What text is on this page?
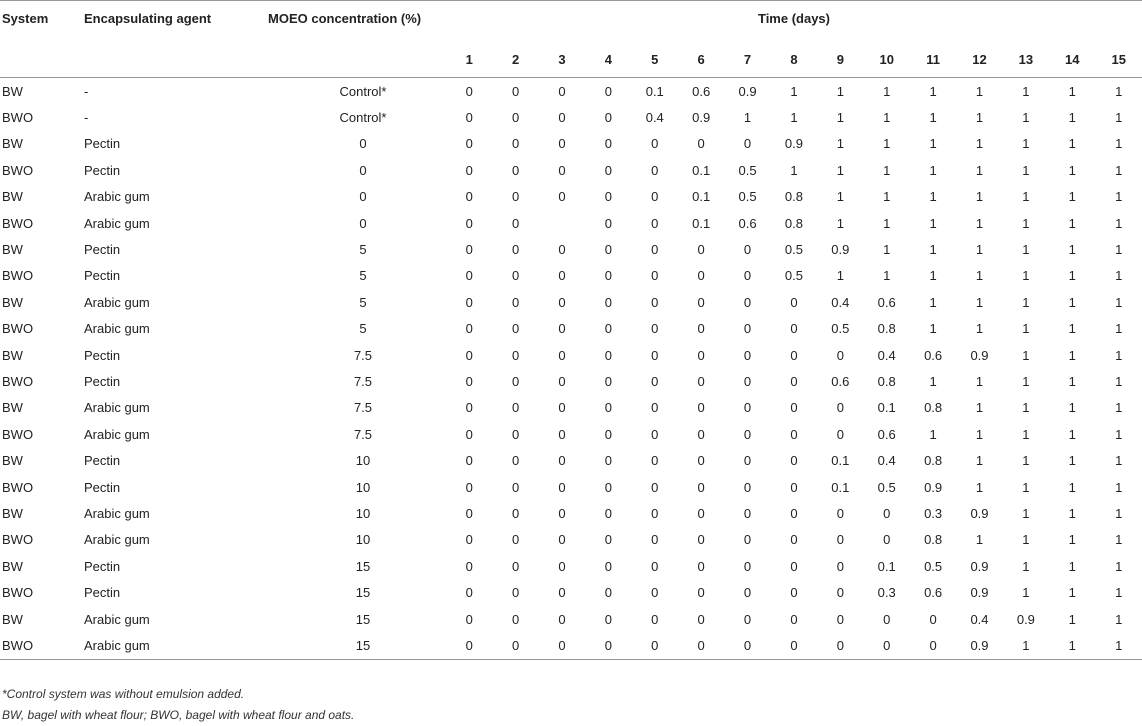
System	Encapsulating agent	MOEO concentration (%)	Time (days)														
			1	2	3	4	5	6	7	8	9	10	11	12	13	14	15
BW	-	Control*	0	0	0	0	0.1	0.6	0.9	1	1	1	1	1	1	1	1
BWO	-	Control*	0	0	0	0	0.4	0.9	1	1	1	1	1	1	1	1	1
BW	Pectin	0	0	0	0	0	0	0	0	0.9	1	1	1	1	1	1	1
BWO	Pectin	0	0	0	0	0	0	0.1	0.5	1	1	1	1	1	1	1	1
BW	Arabic gum	0	0	0	0	0	0	0.1	0.5	0.8	1	1	1	1	1	1	1
BWO	Arabic gum	0	0	0		0	0	0.1	0.6	0.8	1	1	1	1	1	1	1
BW	Pectin	5	0	0	0	0	0	0	0	0.5	0.9	1	1	1	1	1	1
BWO	Pectin	5	0	0	0	0	0	0	0	0.5	1	1	1	1	1	1	1
BW	Arabic gum	5	0	0	0	0	0	0	0	0	0.4	0.6	1	1	1	1	1
BWO	Arabic gum	5	0	0	0	0	0	0	0	0	0.5	0.8	1	1	1	1	1
BW	Pectin	7.5	0	0	0	0	0	0	0	0	0	0.4	0.6	0.9	1	1	1
BWO	Pectin	7.5	0	0	0	0	0	0	0	0	0.6	0.8	1	1	1	1	1
BW	Arabic gum	7.5	0	0	0	0	0	0	0	0	0	0.1	0.8	1	1	1	1
BWO	Arabic gum	7.5	0	0	0	0	0	0	0	0	0	0.6	1	1	1	1	1
BW	Pectin	10	0	0	0	0	0	0	0	0	0.1	0.4	0.8	1	1	1	1
BWO	Pectin	10	0	0	0	0	0	0	0	0	0.1	0.5	0.9	1	1	1	1
BW	Arabic gum	10	0	0	0	0	0	0	0	0	0	0	0.3	0.9	1	1	1
BWO	Arabic gum	10	0	0	0	0	0	0	0	0	0	0	0.8	1	1	1	1
BW	Pectin	15	0	0	0	0	0	0	0	0	0	0.1	0.5	0.9	1	1	1
BWO	Pectin	15	0	0	0	0	0	0	0	0	0	0.3	0.6	0.9	1	1	1
BW	Arabic gum	15	0	0	0	0	0	0	0	0	0	0	0	0.4	0.9	1	1
BWO	Arabic gum	15	0	0	0	0	0	0	0	0	0	0	0	0.9	1	1	1
*Control system was without emulsion added.
BW, bagel with wheat flour; BWO, bagel with wheat flour and oats.
